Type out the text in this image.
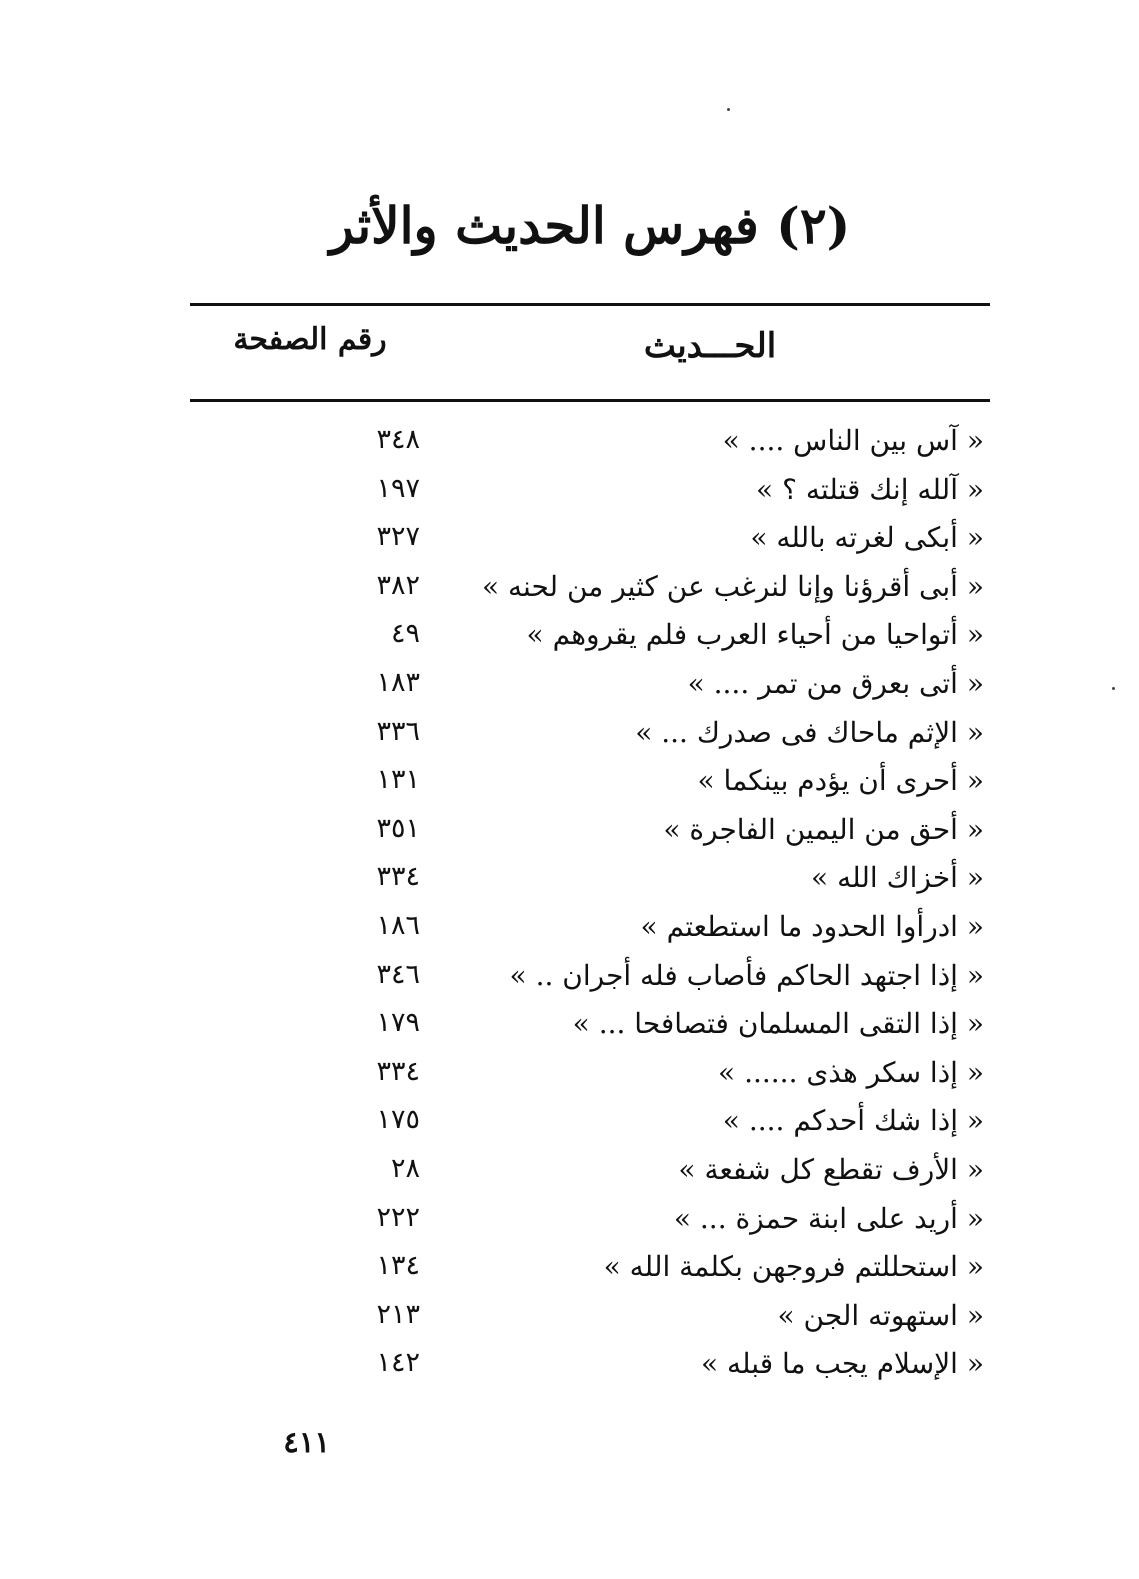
(٢) فهرس الحديث والأثر
الحـــديث
رقم الصفحة
« آس بين الناس .... »
٣٤٨
« آلله إنك قتلته ؟ »
١٩٧
« أبكى لغرته بالله »
٣٢٧
« أبى أقرؤنا وإنا لنرغب عن كثير من لحنه »
٣٨٢
« أتواحيا من أحياء العرب فلم يقروهم »
٤٩
« أتى بعرق من تمر .... »
١٨٣
« الإثم ماحاك فى صدرك ... »
٣٣٦
« أحرى أن يؤدم بينكما »
١٣١
« أحق من اليمين الفاجرة »
٣٥١
« أخزاك الله »
٣٣٤
« ادرأوا الحدود ما استطعتم »
١٨٦
« إذا اجتهد الحاكم فأصاب فله أجران .. »
٣٤٦
« إذا التقى المسلمان فتصافحا ... »
١٧٩
« إذا سكر هذى ...... »
٣٣٤
« إذا شك أحدكم .... »
١٧٥
« الأرف تقطع كل شفعة »
٢٨
« أريد على ابنة حمزة ... »
٢٢٢
« استحللتم فروجهن بكلمة الله »
١٣٤
« استهوته الجن »
٢١٣
« الإسلام يجب ما قبله »
١٤٢
٤١١
